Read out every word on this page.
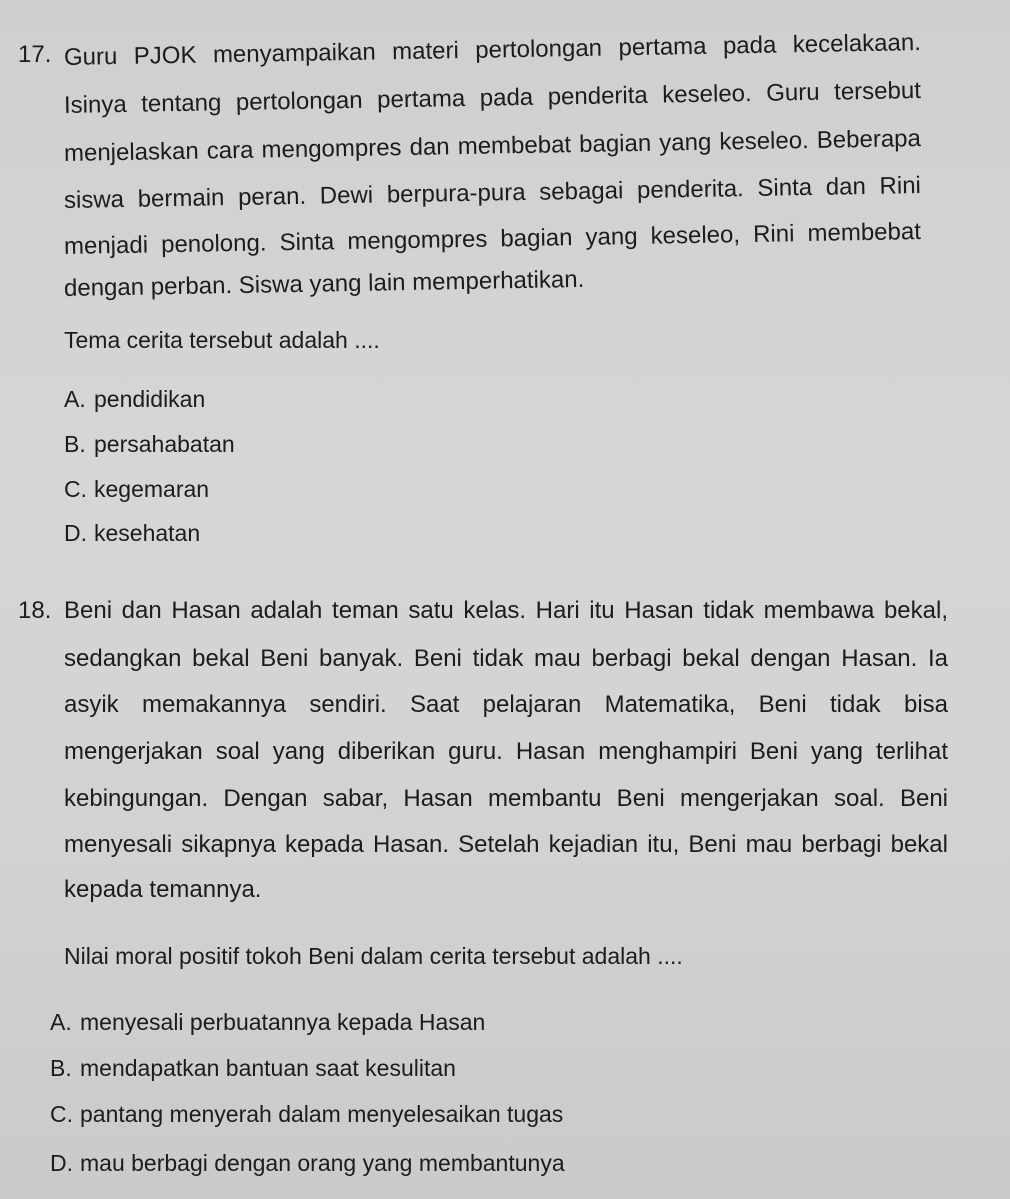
17. Guru PJOK menyampaikan materi pertolongan pertama pada kecelakaan.
Isinya tentang pertolongan pertama pada penderita keseleo. Guru tersebut
menjelaskan cara mengompres dan membebat bagian yang keseleo. Beberapa
siswa bermain peran. Dewi berpura-pura sebagai penderita. Sinta dan Rini
menjadi penolong. Sinta mengompres bagian yang keseleo, Rini membebat
dengan perban. Siswa yang lain memperhatikan.
Tema cerita tersebut adalah ....
A. pendidikan
B. persahabatan
C. kegemaran
D. kesehatan
18. Beni dan Hasan adalah teman satu kelas. Hari itu Hasan tidak membawa bekal,
sedangkan bekal Beni banyak. Beni tidak mau berbagi bekal dengan Hasan. Ia
asyik memakannya sendiri. Saat pelajaran Matematika, Beni tidak bisa
mengerjakan soal yang diberikan guru. Hasan menghampiri Beni yang terlihat
kebingungan. Dengan sabar, Hasan membantu Beni mengerjakan soal. Beni
menyesali sikapnya kepada Hasan. Setelah kejadian itu, Beni mau berbagi bekal
kepada temannya.
Nilai moral positif tokoh Beni dalam cerita tersebut adalah ....
A. menyesali perbuatannya kepada Hasan
B. mendapatkan bantuan saat kesulitan
C. pantang menyerah dalam menyelesaikan tugas
D. mau berbagi dengan orang yang membantunya
